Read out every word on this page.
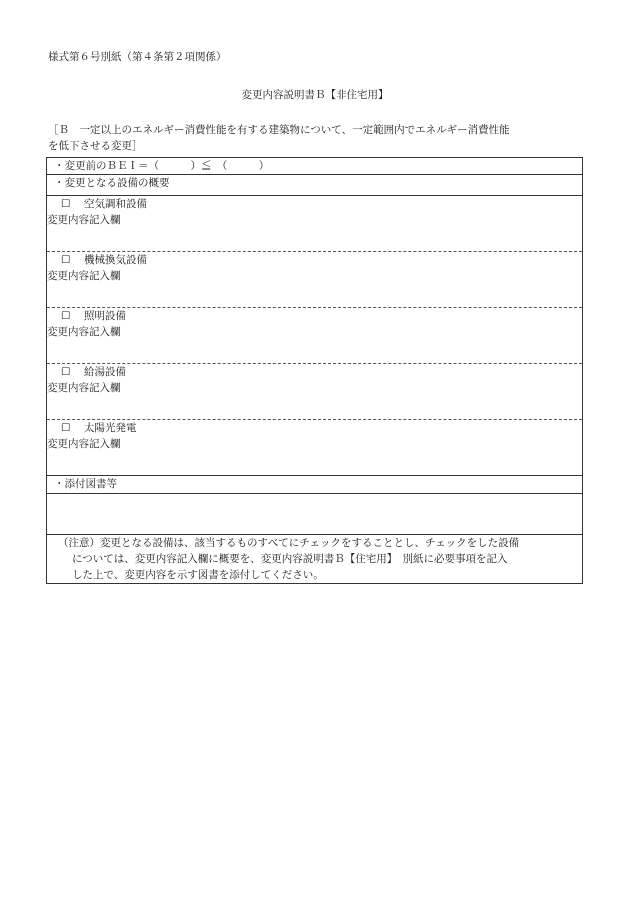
様式第６号別紙（第４条第２項関係）
変更内容説明書Ｂ【非住宅用】
［Ｂ　一定以上のエネルギー消費性能を有する建築物について、一定範囲内でエネルギー消費性能
を低下させる変更］
・変更前のＢＥＩ＝（　　　）≦　（　　　）
・変更となる設備の概要

☐ 空気調和設備
変更内容記入欄

☐ 機械換気設備
変更内容記入欄

☐ 照明設備
変更内容記入欄

☐ 給湯設備
変更内容記入欄

☐ 太陽光発電
変更内容記入欄

・添付図書等

（注意）変更となる設備は、該当するものすべてにチェックをすることとし、チェックをした設備
については、変更内容記入欄に概要を、変更内容説明書Ｂ【住宅用】　別紙に必要事項を記入
した上で、変更内容を示す図書を添付してください。
